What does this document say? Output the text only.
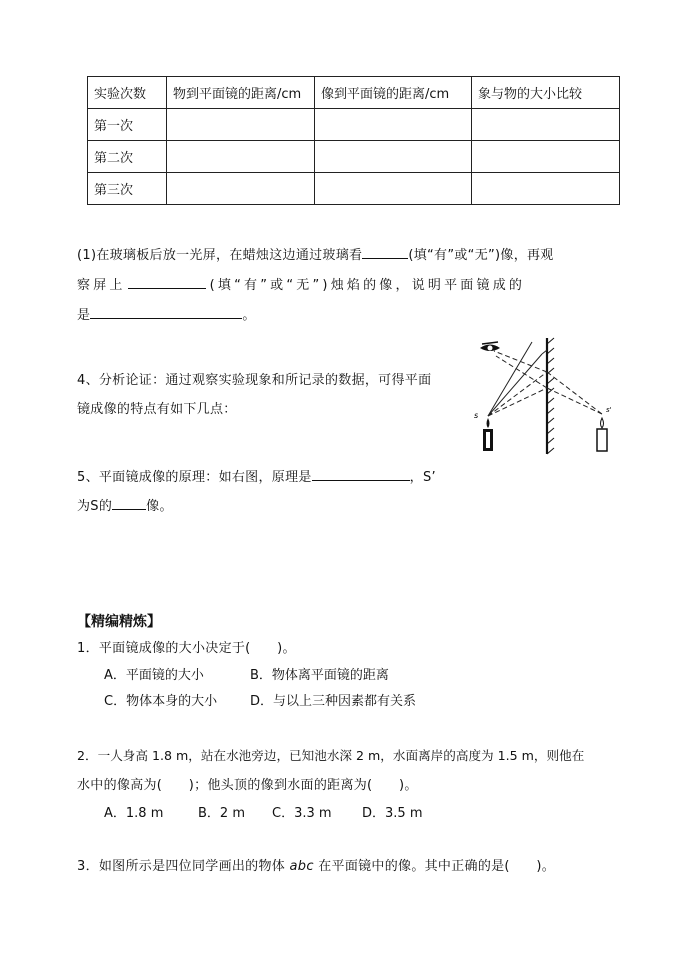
实验次数	物到平面镜的距离/cm	像到平面镜的距离/cm	象与物的大小比较
第一次			
第二次			
第三次			
(1)在玻璃板后放一光屏，在蜡烛这边通过玻璃看	(填“有”或“无”)像，再观
察屏上	(填“有”或“无”)烛焰的像，说明平面镜成的
是	。
4、分析论证：通过观察实验现象和所记录的数据，可得平面
镜成像的特点有如下几点：
5、平面镜成像的原理：如右图，原理是	，S’
为S的	像。
s
s'
【精编精炼】
1．平面镜成像的大小决定于(　　)。
A．平面镜的大小	B．物体离平面镜的距离
C．物体本身的大小	D．与以上三种因素都有关系
2．一人身高 1.8 m，站在水池旁边，已知池水深 2 m，水面离岸的高度为 1.5 m，则他在
水中的像高为(　　)；他头顶的像到水面的距离为(　　)。
A．1.8 m	B．2 m C．3.3 m D．3.5 m
3．如图所示是四位同学画出的物体 abc 在平面镜中的像。其中正确的是(　　)。
